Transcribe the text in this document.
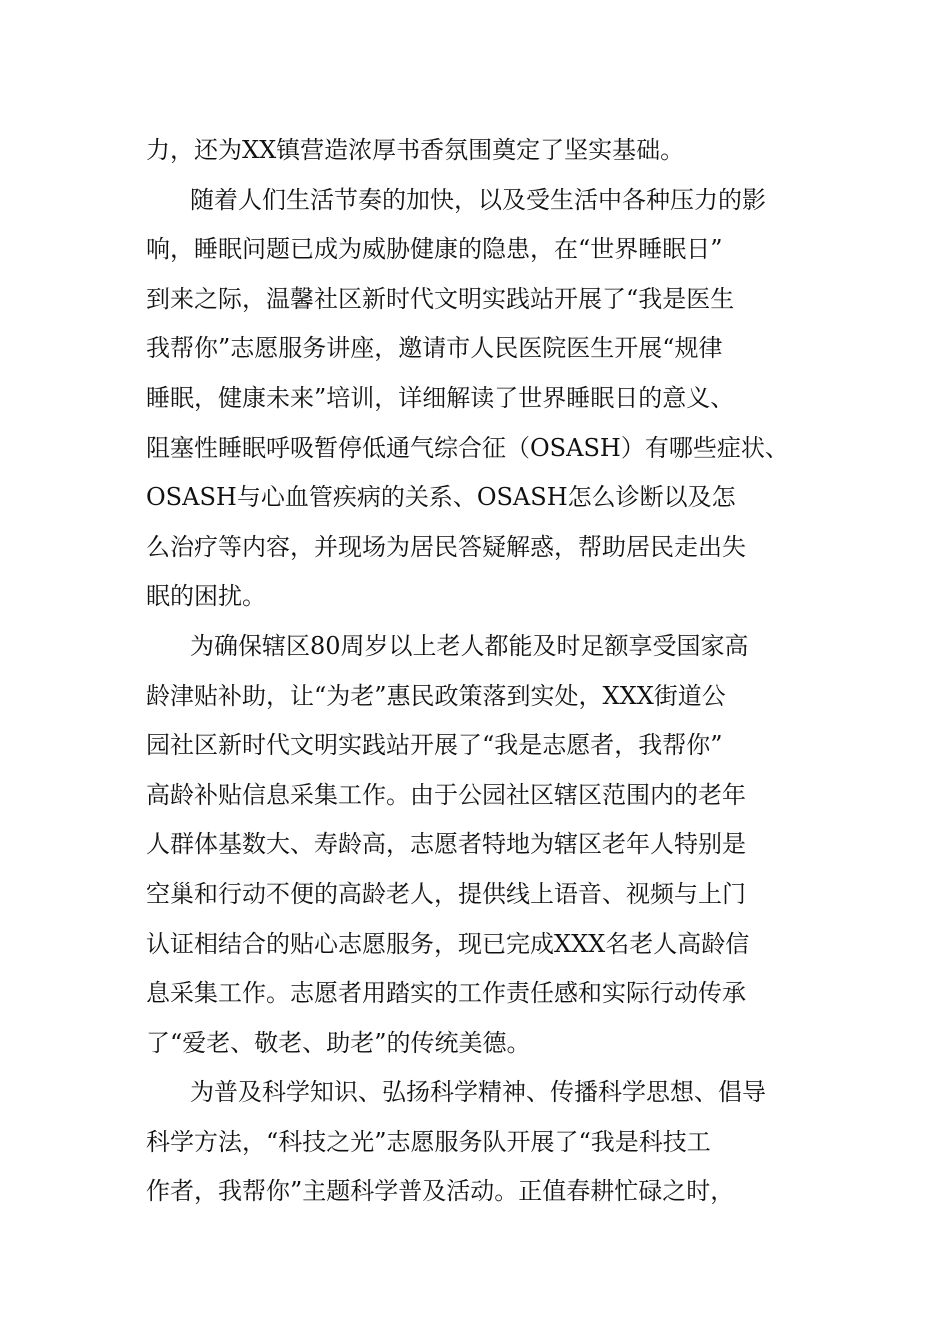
力，还为XX镇营造浓厚书香氛围奠定了坚实基础。
随着人们生活节奏的加快，以及受生活中各种压力的影
响，睡眠问题已成为威胁健康的隐患，在“世界睡眠日”
到来之际，温馨社区新时代文明实践站开展了“我是医生
我帮你”志愿服务讲座，邀请市人民医院医生开展“规律
睡眠，健康未来”培训，详细解读了世界睡眠日的意义、
阻塞性睡眠呼吸暂停低通气综合征（OSASH）有哪些症状、
OSASH与心血管疾病的关系、OSASH怎么诊断以及怎
么治疗等内容，并现场为居民答疑解惑，帮助居民走出失
眠的困扰。
为确保辖区80周岁以上老人都能及时足额享受国家高
龄津贴补助，让“为老”惠民政策落到实处，XXX街道公
园社区新时代文明实践站开展了“我是志愿者，我帮你”
高龄补贴信息采集工作。由于公园社区辖区范围内的老年
人群体基数大、寿龄高，志愿者特地为辖区老年人特别是
空巢和行动不便的高龄老人，提供线上语音、视频与上门
认证相结合的贴心志愿服务，现已完成XXX名老人高龄信
息采集工作。志愿者用踏实的工作责任感和实际行动传承
了“爱老、敬老、助老”的传统美德。
为普及科学知识、弘扬科学精神、传播科学思想、倡导
科学方法，“科技之光”志愿服务队开展了“我是科技工
作者，我帮你”主题科学普及活动。正值春耕忙碌之时，
